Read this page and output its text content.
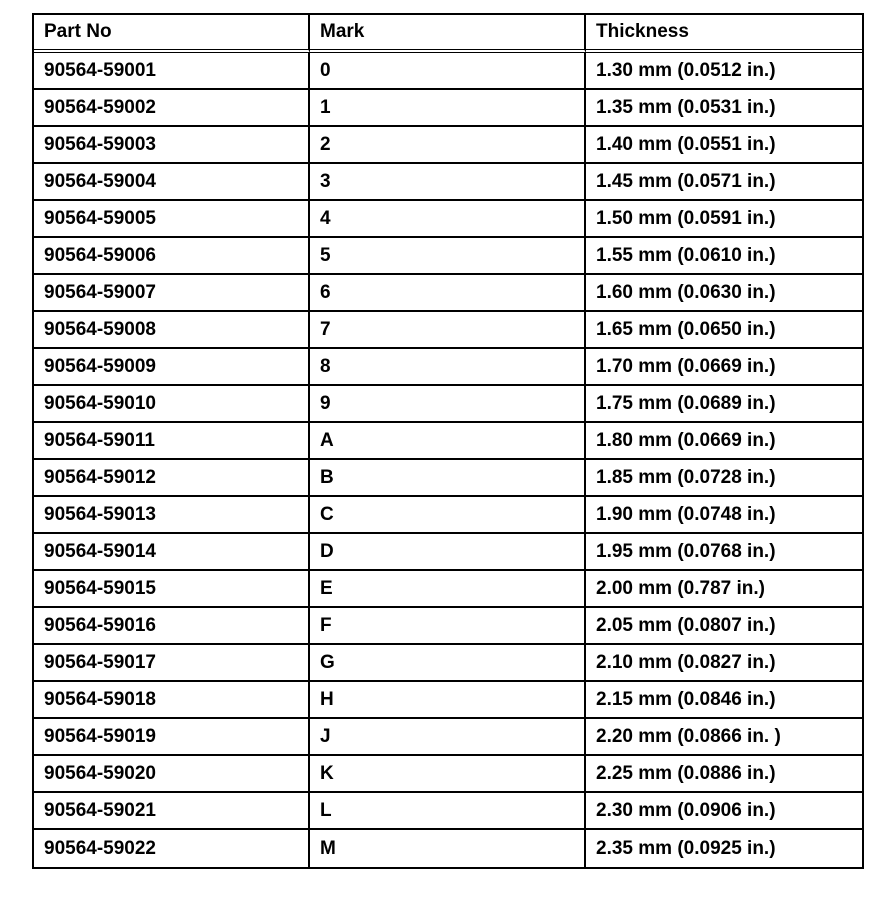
Part No	Mark	Thickness
90564-59001	0	1.30 mm (0.0512 in.)
90564-59002	1	1.35 mm (0.0531 in.)
90564-59003	2	1.40 mm (0.0551 in.)
90564-59004	3	1.45 mm (0.0571 in.)
90564-59005	4	1.50 mm (0.0591 in.)
90564-59006	5	1.55 mm (0.0610 in.)
90564-59007	6	1.60 mm (0.0630 in.)
90564-59008	7	1.65 mm (0.0650 in.)
90564-59009	8	1.70 mm (0.0669 in.)
90564-59010	9	1.75 mm (0.0689 in.)
90564-59011	A	1.80 mm (0.0669 in.)
90564-59012	B	1.85 mm (0.0728 in.)
90564-59013	C	1.90 mm (0.0748 in.)
90564-59014	D	1.95 mm (0.0768 in.)
90564-59015	E	2.00 mm (0.787 in.)
90564-59016	F	2.05 mm (0.0807 in.)
90564-59017	G	2.10 mm (0.0827 in.)
90564-59018	H	2.15 mm (0.0846 in.)
90564-59019	J	2.20 mm (0.0866 in. )
90564-59020	K	2.25 mm (0.0886 in.)
90564-59021	L	2.30 mm (0.0906 in.)
90564-59022	M	2.35 mm (0.0925 in.)
